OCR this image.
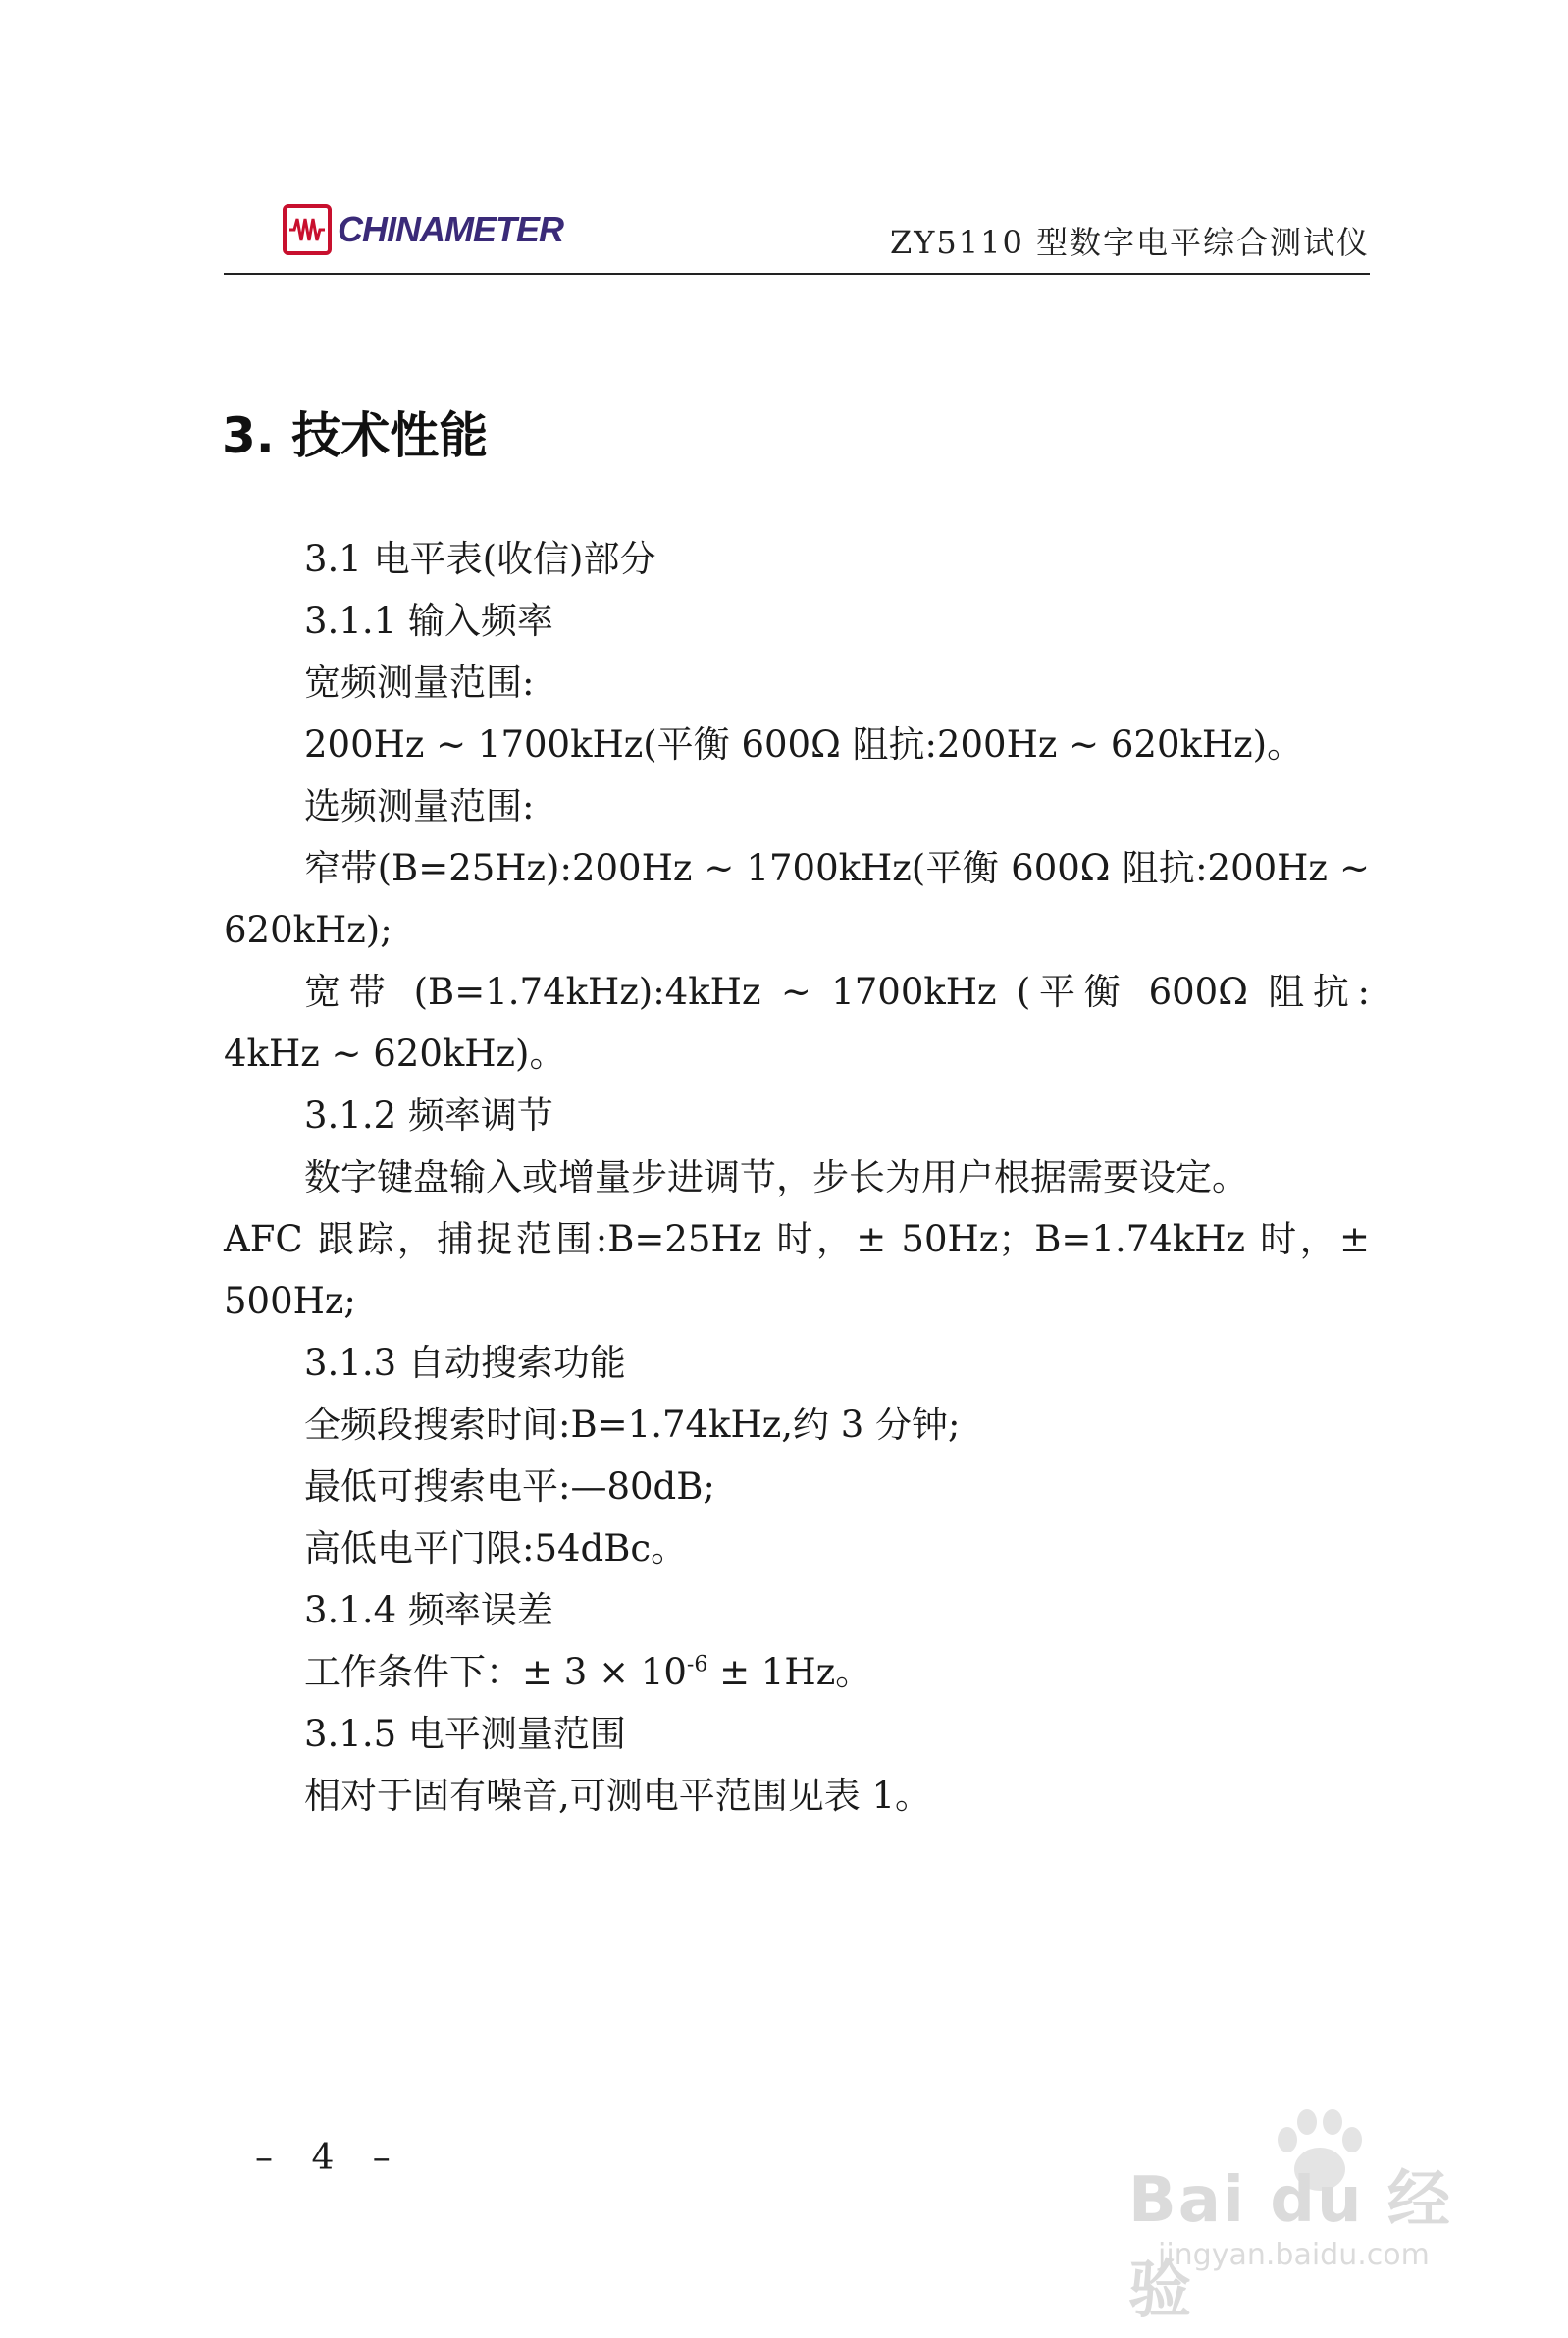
CHINAMETER	ZY5110 型数字电平综合测试仪
3. 技术性能
3.1 电平表(收信)部分
3.1.1 输入频率
宽频测量范围:
200Hz ~ 1700kHz(平衡 600Ω 阻抗:200Hz ~ 620kHz)。
选频测量范围:
窄带(B=25Hz):200Hz ~ 1700kHz(平衡 600Ω 阻抗:200Hz ~
620kHz);
宽带 (B=1.74kHz):4kHz ~ 1700kHz (平衡 600Ω 阻抗:
4kHz ~ 620kHz)。
3.1.2 频率调节
数字键盘输入或增量步进调节，步长为用户根据需要设定。
AFC 跟踪，捕捉范围:B=25Hz 时，± 50Hz；B=1.74kHz 时，±
500Hz;
3.1.3 自动搜索功能
全频段搜索时间:B=1.74kHz,约 3 分钟;
最低可搜索电平:—80dB;
高低电平门限:54dBc。
3.1.4 频率误差
工作条件下：± $3 \times 10^{-6} \pm 1Hz$。
3.1.5 电平测量范围
相对于固有噪音,可测电平范围见表 1。
– 4 –
Bai du 经验
jingyan.baidu.com
